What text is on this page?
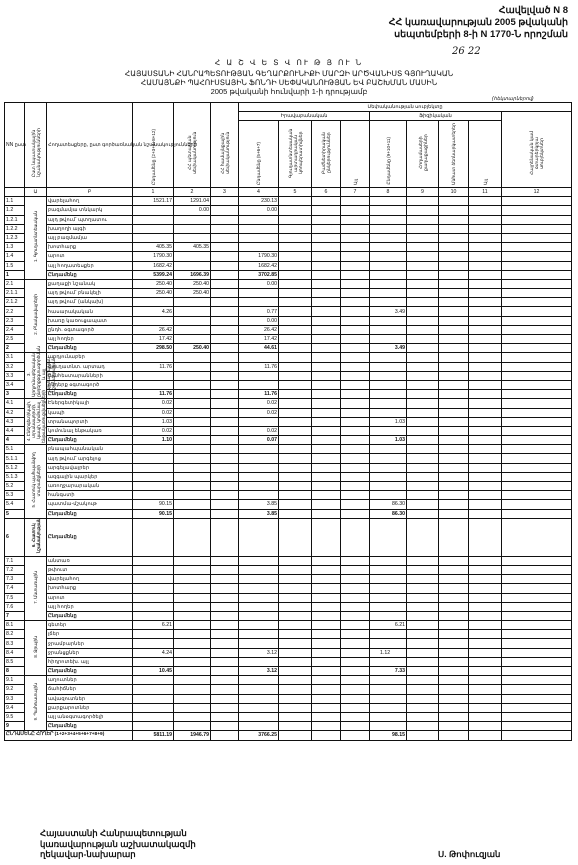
Հավելված N 8
ՀՀ կառավարության 2005 թվականի
սեպտեմբերի 8-ի N 1770-Ն որոշման
26 22
Հ Ա Շ Վ Ե Տ Վ ՈՒ Թ Յ ՈՒ Ն
ՀԱՅԱՍՏԱՆԻ ՀԱՆՐԱՊԵՏՈՒԹՅԱՆ ԳԵՂԱՐՔՈՒՆԻՔԻ ՄԱՐԶԻ ԱՐԾՎԱՆԻՍՏ ԳՅՈՒՂԱԿԱՆ
ՀԱՄԱՅՆՔԻ ՊԱՀՈՒՍՏԱՅԻՆ ՖՈՆԴԻ ՍԵՓԱԿԱՆՈՒԹՅԱՆ ԵՎ ԲԱՇԽՄԱՆ ՄԱՍԻՆ
2005 թվականի հունվարի 1-ի դրությամբ
(հեկտարներով)
NN ըստ	Ըստ նպատակային նշանակությունների	Հողատեսքերը, ըստ գործառնական նշանակությունների	Ընդամենը (2+3+4+8+12)	ՀՀ պետական սեփականություն	ՀՀ համայնքային սեփականություն	Սեփականության սուբյեկտը								
						Իրավաբանական				Ֆիզիկական				Հայրենական կամ օտարերկրյա սուբյեկտներ
						Ընդամենը (5+6+7)	Գյուղատնտեսական արտադրական կոոպերատիվներ	Բաժնետիրական ընկերություններ	Այլ	Ընդամենը (9+10+11)	Հողամասերի քաղաքացիներ	Անհատ ձեռնարկատերեր	Այլ	
	Ա	Բ	1	2	3	4	5	6	7	8	9	10	11	12
1.1	1. Գյուղատնտեսական	վարելահող	1521.17	1291.04		230.13								
1.2		բազմամյա տնկարկ		0.00		0.00								
1.2.1		այդ թվում՝ պտղատու												
1.2.2		խաղողի այգի												
1.2.3		այլ բազմամյա												
1.3		խոտհարք	405.35	405.35										
1.4		արոտ	1790.30			1790.30								
1.5		այլ հողատեսքեր	1682.42			1682.42								
1		Ընդամենը	5399.24	1696.39		3702.85								
2.1	2. Բնակավայրերի	քաղաքի նշանակ	250.40	250.40		0.00								
2.1.1		այդ թվում՝ բնակելի	250.40	250.40										
2.1.2		այդ թվում՝ (անկախ)												
2.2		հասարակական	4.26			0.77				3.49				
2.3		խառը կառուցապատ				0.00								
2.4		ընդհ. օգտագործ	26.42			26.42								
2.5		այլ հողեր	17.42			17.42								
2		Ընդամենը	298.50	250.40		44.61				3.49				
3.1	3. Արդյունաբերական, ընդերքօգտագործման և այլ արտադրական նշանակության	արդյունաբեր												
3.2		գյուղատնտ. արտադ	11.76			11.76								
3.3		պահեստարանների												
3.4		ընդերք օգտագործ												
3		Ընդամենը	11.76			11.76								
4.1	4. Էներգետիկայի, տրանսպորտի, կապի, կոմունալ ենթակառուցվածքների	Էներգետիկայի	0.02			0.02								
4.2		կապի	0.02			0.02								
4.3		տրանսպորտի	1.03							1.03				
4.4		կոմունալ ենթակառ	0.02			0.02								
4		Ընդամենը	1.10			0.07				1.03				
5.1	5. Հատուկ պահպանվող տարածքների	բնապահպանական												
5.1.1		այդ թվում՝ արգելոց												
5.1.2		արգելավայրեր												
5.1.3		ազգային պարկեր												
5.2		առողջարարական												
5.3		հանգստի												
5.4		պատմա-մշակութ	90.15			3.85				86.30				
5		Ընդամենը	90.15			3.85				86.30				
6	6. Հատուկ նշանակության	Ընդամենը												
7.1	7. Անտառային	անտառ												
7.2		թփուտ												
7.3		վարելահող												
7.4		խոտհարք												
7.5		արոտ												
7.6		այլ հողեր												
7		Ընդամենը												
8.1	8. Ջրային	գետեր	6.21							6.21				
8.2		լճեր												
8.3		ջրամբարներ												
8.4		ջրանցքներ	4.24			3.12				1.12				
8.5		հիդրոտեխ. այլ												
8		Ընդամենը	10.45			3.12				7.33				
9.1	9. Պահուստային	աղուտներ												
9.2		ճահիճներ												
9.3		ավազուտներ												
9.4		քարքարոտներ												
9.5		այլ անօգտագործելի												
9		Ընդամենը												
ԸՆԴԱՄԵՆԸ ՀՈՂԵՐ (1+2+3+4+5+6+7+8+9)			5811.19	1946.79		3766.25				98.15				
Հայաստանի Հանրապետության
կառավարության աշխատակազմի
ղեկավար-նախարար	Ս. Թոփուզյան
